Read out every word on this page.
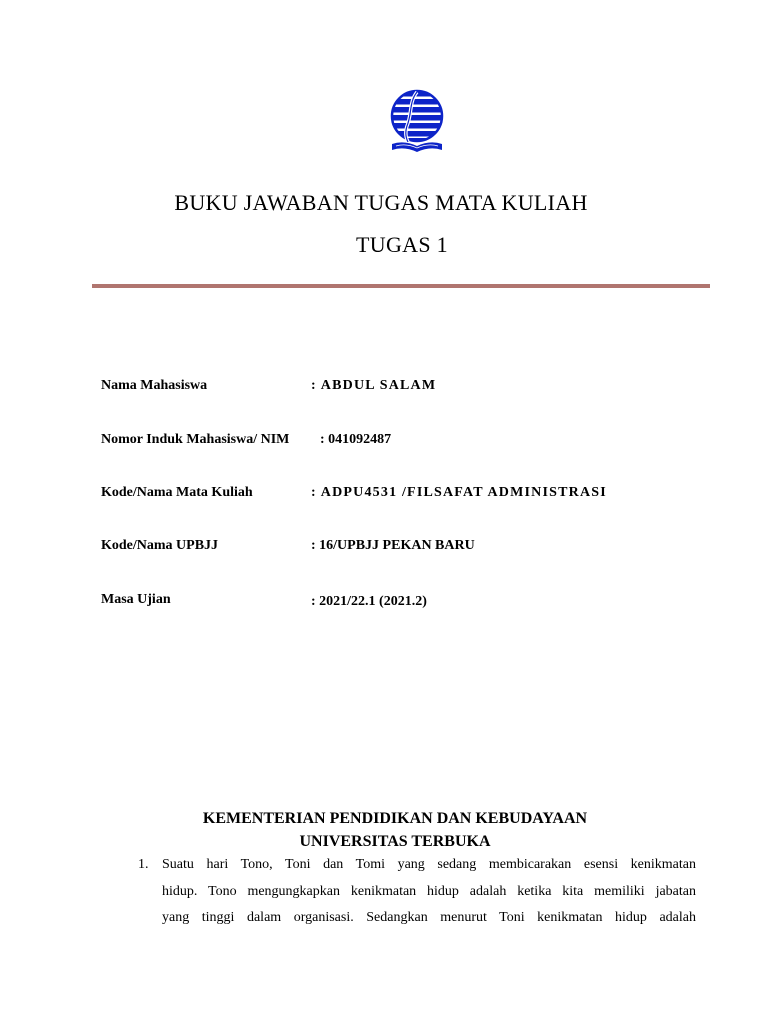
BUKU JAWABAN TUGAS MATA KULIAH
TUGAS 1
Nama Mahasiswa	: ABDUL SALAM
Nomor Induk Mahasiswa/ NIM : 041092487
Kode/Nama Mata Kuliah	: ADPU4531 /FILSAFAT ADMINISTRASI
Kode/Nama UPBJJ	: 16/UPBJJ PEKAN BARU
Masa Ujian	: 2021/22.1 (2021.2)

KEMENTERIAN PENDIDIKAN DAN KEBUDAYAAN

UNIVERSITAS TERBUKA

1. Suatu hari Tono, Toni dan Tomi yang sedang membicarakan esensi kenikmatan
hidup. Tono mengungkapkan kenikmatan hidup adalah ketika kita memiliki jabatan
yang tinggi dalam organisasi. Sedangkan menurut Toni kenikmatan hidup adalah
